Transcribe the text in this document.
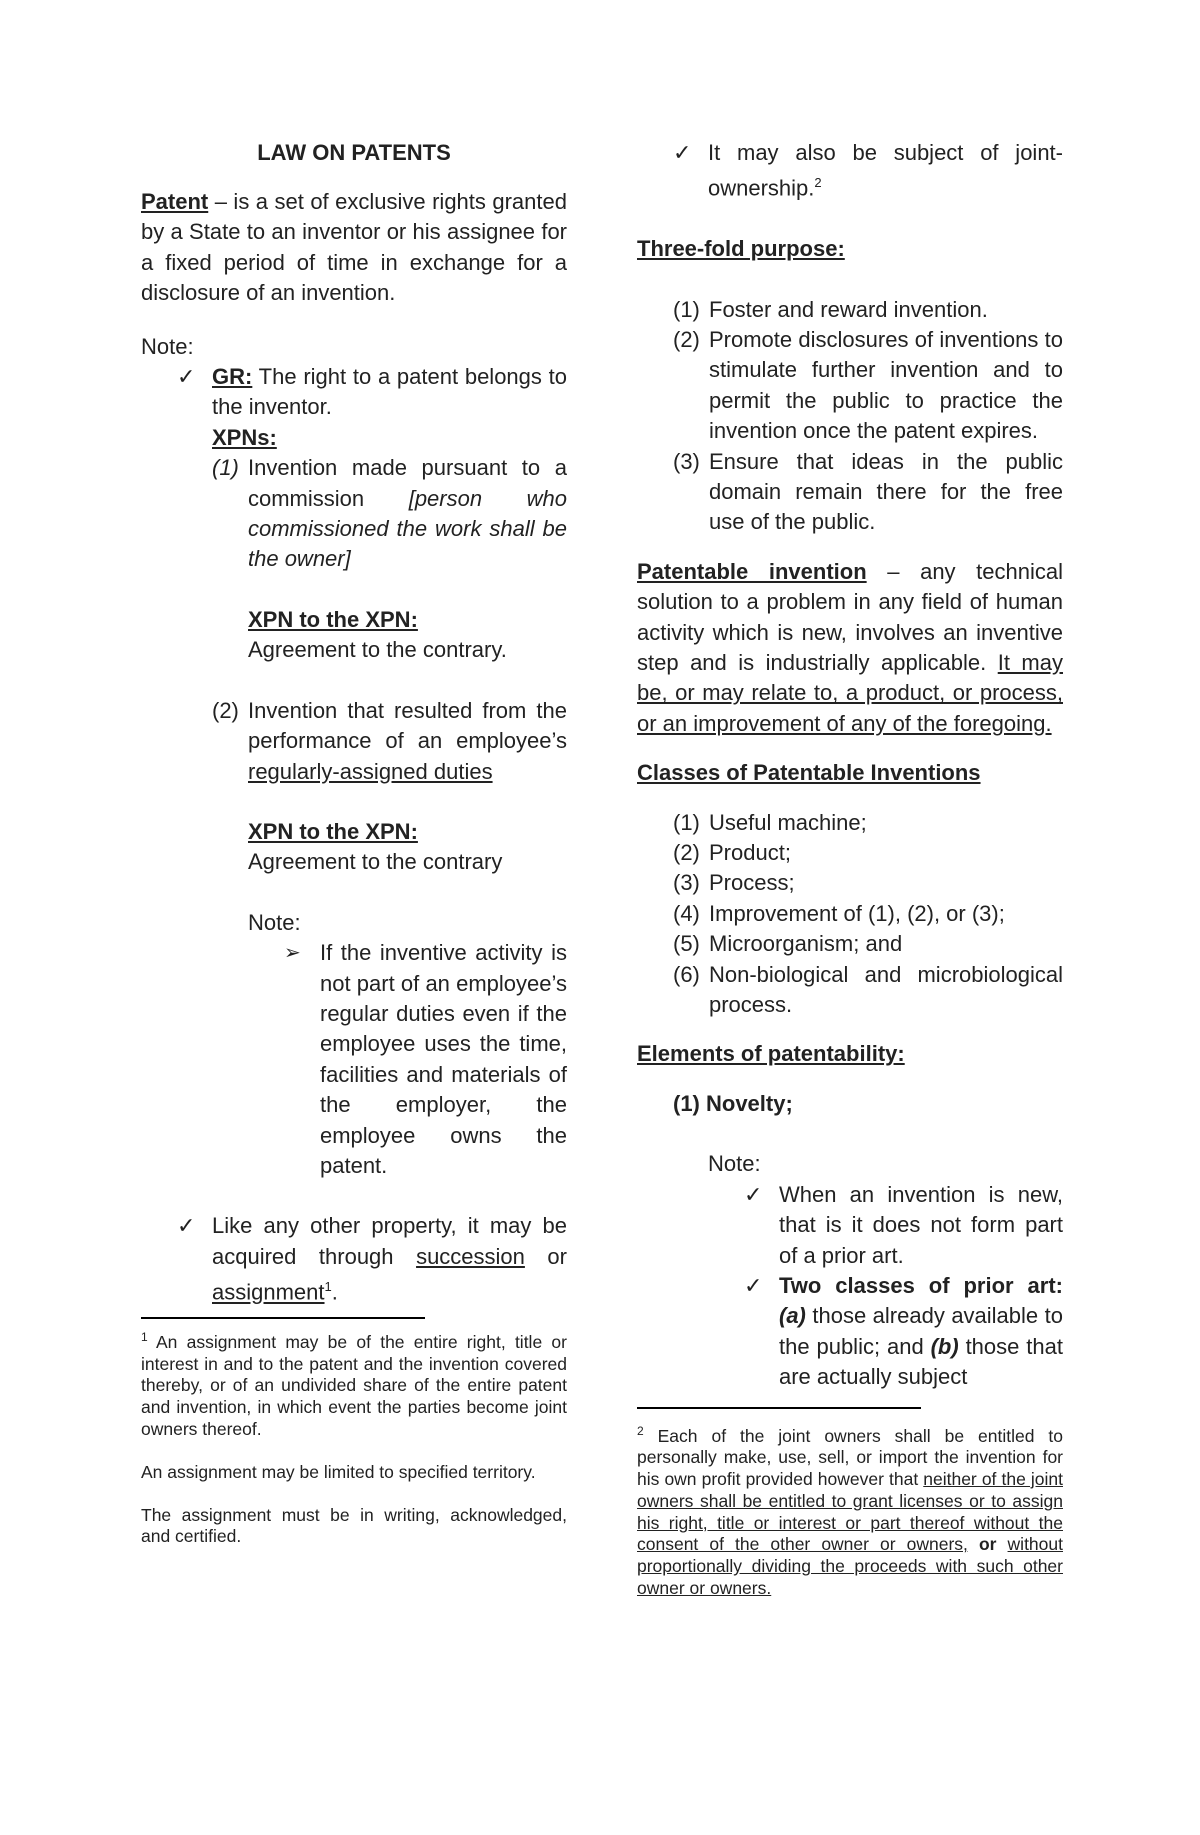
LAW ON PATENTS

Patent – is a set of exclusive rights granted by a State to an inventor or his assignee for a fixed period of time in exchange for a disclosure of an invention.

Note:

✓ GR: The right to a patent belongs to the inventor.

XPNs:

(1) Invention made pursuant to a commission [person who commissioned the work shall be the owner]

XPN to the XPN:

Agreement to the contrary.

(2) Invention that resulted from the performance of an employee’s regularly-assigned duties

XPN to the XPN:

Agreement to the contrary

Note:

➢ If the inventive activity is not part of an employee’s regular duties even if the employee uses the time, facilities and materials of the employer, the employee owns the patent.

✓ Like any other property, it may be acquired through succession or assignment$^1$.

$^1$ An assignment may be of the entire right, title or interest in and to the patent and the invention covered thereby, or of an undivided share of the entire patent and invention, in which event the parties become joint owners thereof.

An assignment may be limited to specified territory.

The assignment must be in writing, acknowledged, and certified.

✓ It may also be subject of joint-ownership.$^2$

Three-fold purpose:

(1) Foster and reward invention.

(2) Promote disclosures of inventions to stimulate further invention and to permit the public to practice the invention once the patent expires.

(3) Ensure that ideas in the public domain remain there for the free use of the public.

Patentable invention – any technical solution to a problem in any field of human activity which is new, involves an inventive step and is industrially applicable. It may be, or may relate to, a product, or process, or an improvement of any of the foregoing.

Classes of Patentable Inventions

(1) Useful machine;

(2) Product;

(3) Process;

(4) Improvement of (1), (2), or (3);

(5) Microorganism; and

(6) Non-biological and microbiological process.

Elements of patentability:

(1) Novelty;

Note:

✓ When an invention is new, that is it does not form part of a prior art.

✓ Two classes of prior art: (a) those already available to the public; and (b) those that are actually subject

$^2$ Each of the joint owners shall be entitled to personally make, use, sell, or import the invention for his own profit provided however that neither of the joint owners shall be entitled to grant licenses or to assign his right, title or interest or part thereof without the consent of the other owner or owners, or without proportionally dividing the proceeds with such other owner or owners.
